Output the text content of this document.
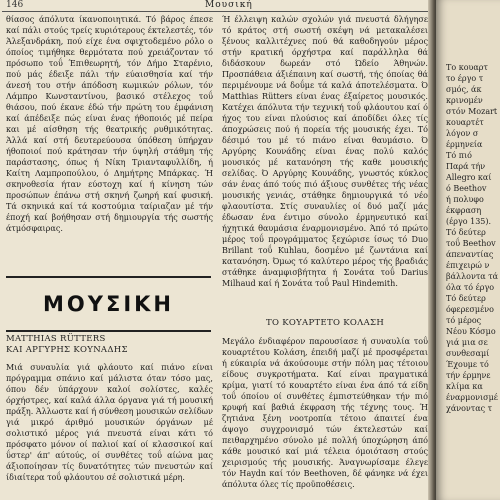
146	Μουσική
θίασος άπόλυτα ίκανοποιητικά. Τό βάρος έπεσε καί πάλι στούς τρείς κυριότερους έκτελεστές, τόν Άλεξανδράκη, πού είχε ένα σφιχτοδεμένο ρόλο ο όποίος τιμήθηκε θερμότατα πού χρειάζονταν τό πρόσωπο τοΰ Έπιθεωρητή, τόν Δήμο Σταρένιο, πού μάς έδειξε πάλι τήν εύαισθησία καί τήν άνεσή του στήν άπόδοση κωμικών ρόλων, τόν Λάμπρο Κωνσταντίνου, βασικό στέλεχος τοΰ θιάσου, πού έκανε έδώ τήν πρώτη του έμφάνιση καί άπέδειξε πώς είναι ένας ήθοποιός μέ πείρα και μέ αίσθηση τής θεατρικής ρυθμικότητας. Άλλά καί στή δευτερεύουσα ύπόθεση ύπήρχαν ήθοποιοί πού κράτησαν τήν ύψηλή στάθμη τής παράστασης, όπως ή Νίκη Τριανταφυλλίδη, ή Καίτη Λαμπροπούλου, ό Δημήτρης Μπάρκας. Ή σκηνοθεσία ήταν εύστοχη καί ή κίνηση τών προσώπων έπάνω στή σκηνή ζωηρή καί φυσική. Τά σκηνικά καί τά κοστούμια ταίριαζαν μέ τήν έποχή καί βοήθησαν στή δημιουργία τής σωστής άτμόσφαιρας.
ΜΟΥΣΙΚΗ
MATTHIAS RÜTTERS
ΚΑΙ ΑΡΓΥΡΗΣ ΚΟΥΝΑΔΗΣ
Μιά συναυλία γιά φλάουτο καί πιάνο είναι πρόγραμμα σπάνιο καί μάλιστα όταν τόσο μας, όπου δέν ύπάρχουν καλοί σολίστες, καλές όρχήστρες, καί καλά άλλα όργανα γιά τή μουσική πράξη. Άλλωστε καί ή σύνθεση μουσικών σελίδων γιά μικρό άριθμό μουσικών όργάνων μέ σολιστικό μέρος γιά πνευστά είναι κάτι τό πρόσφατο μόνον οί παλιοί καί οί κλασσικοί καί ΰστερ' άπ' αύτούς, οί συνθέτες τοΰ αίώνα μας άξιοποίησαν τίς δυνατότητες τών πνευστών καί ίδιαίτερα τοΰ φλάουτου σέ σολιστικά μέρη.
Ή έλλειψη καλών σχολών γιά πνευστά δλήγησε τό κράτος στή σωστή σκέψη νά μετακαλέσει ξένους καλλιτέχνες πού θά καθοδηγούν μέρος στήν κρατική όρχήστρα καί παράλληλα θά διδάσκουν δωρεάν στό Ώδείο Άθηνών. Προσπάθεια άξιέπαινη καί σωστή, τής όποίας θά περιμένουμε νά δοΰμε τά καλά άποτελέσματα. Ό Matthias Rütters είναι ένας έξαίρετος μουσικός. Κατέχει άπόλυτα τήν τεχνική τοΰ φλάουτου καί ό ήχος του είναι πλούσιος καί άποδίδει όλες τίς άποχρώσεις πού ή πορεία τής μουσικής έχει. Τό δέσιμό του μέ τό πιάνο είναι θαυμάσιο. Ό Αργύρης Κουνάδης είναι ένας πολύ καλός μουσικός μέ κατανόηση τής καθε μουσικής σελίδας. Ό Αργύρης Κουνάδης, γνωστός κύκλος σάν ένας άπό τούς πιό άξιους συνθέτες τής νέας μουσικής γενιάς, στάθηκε δημιουργικά τό νέο φλαουτίστα. Στίς συναυλίες οί δυό μαζί μάς έδωσαν ένα έντιμο σύνολο έρμηνευτικό καί ήχητικά θαυμάσια έναρμονισμένο. Άπό τό πρώτο μέρος τοΰ προγράμματος ξεχώρισε ίσως τό Duo Brillant τοΰ Kuhlau, δοσμένο μέ ζωντάνια καί κατανόηση. Όμως τό καλύτερο μέρος τής βραδιάς στάθηκε άναμφισβήτητα ή Σονάτα τοΰ Darius Milhaud καί ή Σονάτα τοΰ Paul Hindemith.
ΤΟ ΚΟΥΑΡΤΕΤΟ ΚΟΛΑΣΗ
Μεγάλο ένδιαφέρον παρουσίασε ή συναυλία τοΰ κουαρτέτου Κολάση, έπειδή μαζί μέ προσφέρεται ή εύκαιρία νά άκούσουμε στήν πόλη μας τέτοιου είδους συγκροτήματα. Καί είναι πραγματικά κρίμα, γιατί τό κουαρτέτο είναι ένα άπό τά είδη τοΰ όποίου οί συνθέτες έμπιστεύθηκαν τήν πιό κρυφή καί βαθιά έκφραση τής τέχνης τους. Ή ζητιάνα ξένη νοοτροπία τέτοιο άπαιτεί ένα άψογο συγχρονισμό τών έκτελεστών καί πειθαρχημένο σύνολο μέ πολλή ύποχώρηση άπό κάθε μουσικό καί μιά τέλεια όμοιόταση στούς χειρισμούς τής μουσικής. Άναγνωρίσαμε έλεγε τόν Haydn καί τόν Beethoven, δέ φάνηκε νά έχει άπόλυτα όλες τίς προϋποθέσεις.
Το κουαρτ
το έργο τ
σμός, άκ
κρινομέν
στόν Mozart
κουαρτέτ
λόγον σ
έρμηνεία
Τό πιό
Παρά τήν
Allegro καί
ό Beethov
ή πολυφο
έκφραση
(έργο 135).
Τό δεύτερ
τοΰ Beethov
άπεναντίας
έπιχειρώ ν
βάλλοντα τά
όλα τό έργο
Τό δεύτερ
όφερεσμένο
τό μέρος
Νέου Κόσμο
γιά μια σε
συνθεσαμί
Έχουμε τό
τήν έρμηνε
κλίμα κα
έναρμονισμέ
χάνοντας τ
